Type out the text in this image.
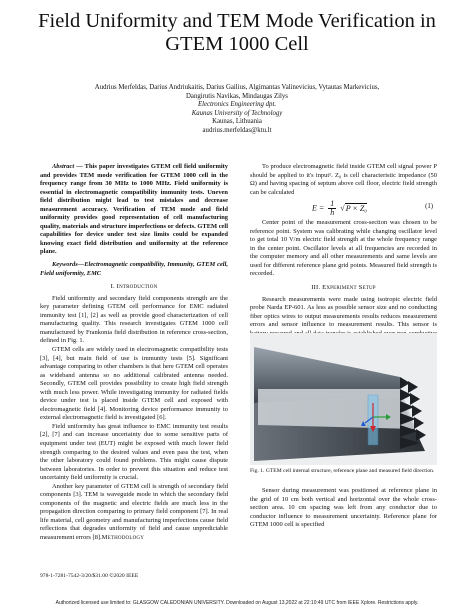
Field Uniformity and TEM Mode Verification in
GTEM 1000 Cell
Audrius Merfeldas, Darius Andriukaitis, Darius Gailius, Algimantas Valinevicius, Vytautas Markevicius,
Dangirutis Navikas, Mindaugas Zilys
Electronics Engineering dpt.
Kaunas University of Technology
Kaunas, Lithuania
audrius.merfeldas@ktu.lt

Abstract — This paper investigates GTEM cell field uniformity and provides TEM mode verification for GTEM 1000 cell in the frequency range from 30 MHz to 1000 MHz. Field uniformity is essential in electromagnetic compatibility immunity tests. Uneven field distribution might lead to test mistakes and decrease measurement accuracy. Verification of TEM mode and field uniformity provides good representation of cell manufacturing quality, materials and structure imperfections or defects. GTEM cell capabilities for device under test size limits could be expanded knowing exact field distribution and uniformity at the reference plane.

Keywords—Electromagnetic compatibility, Immunity, GTEM cell, Field uniformity, EMC

I. Introduction

Field uniformity and secondary field components strength are the key parameter defining GTEM cell performance for EMC radiated immunity test [1], [2] as well as provide good characterization of cell manufacturing quality. This research investigates GTEM 1000 cell manufactured by Frankonia field distribution in reference cross-section, defined in Fig. 1.

GTEM cells are widely used in electromagnetic compatibility tests [3], [4], but main field of use is immunity tests [5]. Significant advantage comparing to other chambers is that here GTEM cell operates as wideband antenna so no additional calibrated antenna needed. Secondly, GTEM cell provides possibility to create high field strength with much less power. While investigating immunity for radiated fields device under test is placed inside GTEM cell and exposed with electromagnetic field [4]. Monitoring device performance immunity to external electromagnetic field is investigated [6].

Field uniformity has great influence to EMC immunity test results [2], [7] and can increase uncertainty due to some sensitive parts of equipment under test (EUT) might be exposed with much lower field strength comparing to the desired values and even pass the test, when the other laboratory could found problems. This might cause dispute between laboratories. In order to prevent this situation and reduce test uncertainty field uniformity is crucial.

Another key parameter of GTEM cell is strength of secondary field components [3]. TEM is waveguide mode in which the secondary field components of the magnetic and electric fields are much less in the propagation direction comparing to primary field component [7]. In real life material, cell geometry and manufacturing imperfections cause field reflections that degrades uniformity of field and cause unpredictable measurement errors [8].Methodology

To produce electromagnetic field inside GTEM cell signal power P should be applied to it's input¹. Z₀ is cell characteristic impedance (50 Ω) and having spacing of septum above cell floor, electric field strength can be calculated

$E = \frac{1}{h} √P \times Z_0$	(1)

Center point of the measurement cross-section was chosen to be reference point. System was calibrating while changing oscillator level to get total 10 V/m electric field strength at the whole frequency range in the center point. Oscillator levels at all frequencies are recorded in the computer memory and all other measurements and same levels are used for different reference plane grid points. Measured field strength is recorded.

III. Experiment Setup

Research measurements were made using isotropic electric field probe Narda EP-601. As less as possible sensor size and no conducting fiber optics wires to output measurements results reduces measurement errors and sensor influence to measurement results. This sensor is

Fig. 1. GTEM cell internal structure, reference plane and measured field direction.

Sensor during measurement was positioned at reference plane in the grid of 10 cm both vertical and horizontal over the whole cross-section area. 10 cm spacing was left from any conductor due to conductor influence to measurement uncertainty. Reference plane for GTEM 1000 cell is specified

978-1-7281-7542-3/20/$31.00 ©2020 IEEE
Authorized licensed use limited to: GLASGOW CALEDONIAN UNIVERSITY. Downloaded on August 13,2022 at 22:10:49 UTC from IEEE Xplore. Restrictions apply.
